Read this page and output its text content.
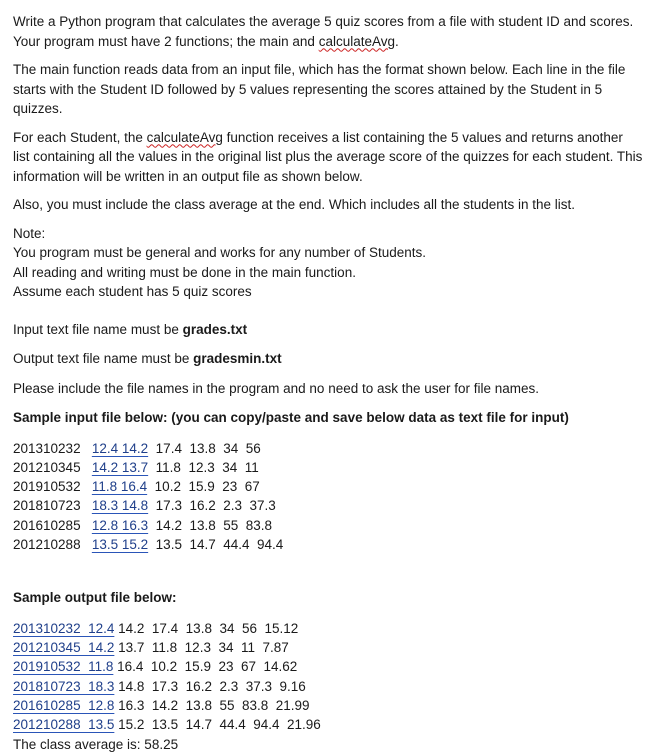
Write a Python program that calculates the average 5 quiz scores from a file with student ID and scores.

Your program must have 2 functions; the main and calculateAvg.

The main function reads data from an input file, which has the format shown below. Each line in the file starts with the Student ID followed by 5 values representing the scores attained by the Student in 5 quizzes.

For each Student, the calculateAvg function receives a list containing the 5 values and returns another list containing all the values in the original list plus the average score of the quizzes for each student. This information will be written in an output file as shown below.

Also, you must include the class average at the end. Which includes all the students in the list.

Note:

You program must be general and works for any number of Students.

All reading and writing must be done in the main function.

Assume each student has 5 quiz scores

Input text file name must be grades.txt

Output text file name must be gradesmin.txt

Please include the file names in the program and no need to ask the user for file names.

Sample input file below: (you can copy/paste and save below data as text file for input)

201310232 12.4 14.2 17.4  13.8  34  56
201210345 14.2 13.7 11.8  12.3  34  11
201910532 11.8 16.4 10.2  15.9  23  67
201810723 18.3 14.8 17.3  16.2  2.3  37.3
201610285 12.8 16.3 14.2  13.8  55  83.8
201210288 13.5 15.2 13.5  14.7  44.4  94.4

Sample output file below:

201310232  12.4 14.2  17.4  13.8  34  56  15.12
201210345  14.2 13.7  11.8  12.3  34  11  7.87
201910532  11.8 16.4  10.2  15.9  23  67  14.62
201810723  18.3 14.8  17.3  16.2  2.3  37.3  9.16
201610285  12.8 16.3  14.2  13.8  55  83.8  21.99
201210288  13.5 15.2  13.5  14.7  44.4  94.4  21.96
The class average is: 58.25
